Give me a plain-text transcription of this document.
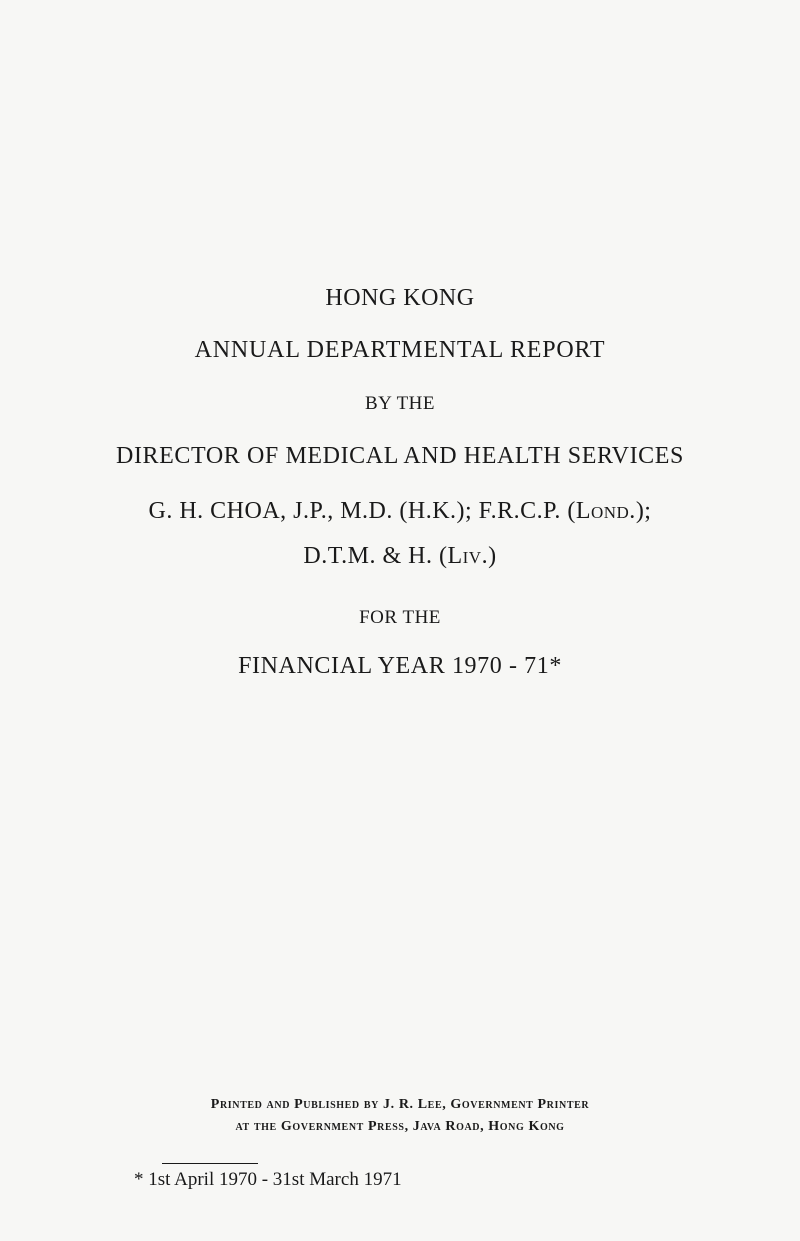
HONG KONG
ANNUAL DEPARTMENTAL REPORT
BY THE
DIRECTOR OF MEDICAL AND HEALTH SERVICES
G. H. CHOA, J.P., M.D. (H.K.); F.R.C.P. (Lond.);
D.T.M. & H. (Liv.)
FOR THE
FINANCIAL YEAR 1970 - 71*
Printed and Published by J. R. Lee, Government Printer
at the Government Press, Java Road, Hong Kong
* 1st April 1970 - 31st March 1971
